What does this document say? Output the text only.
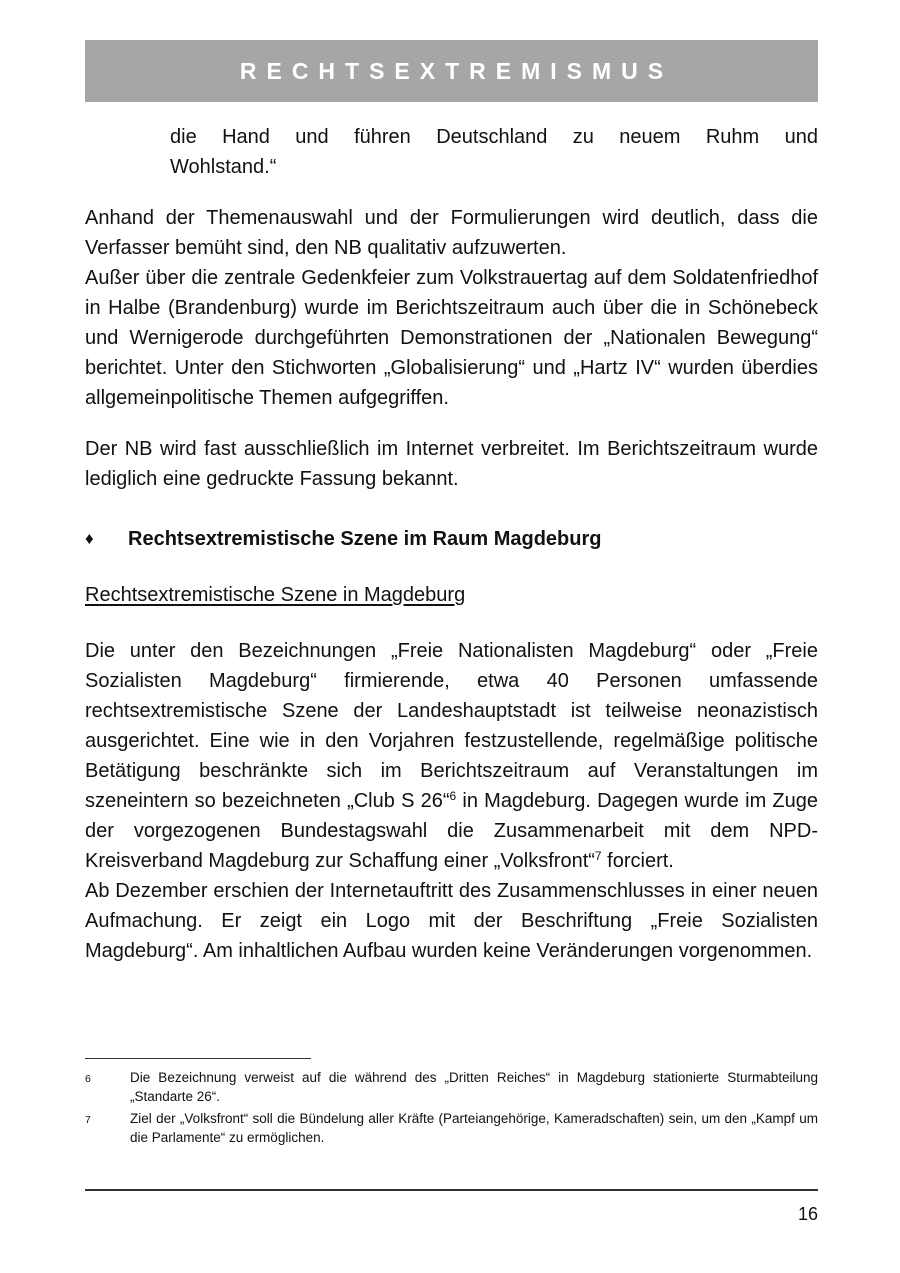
RECHTSEXTREMISMUS
die Hand und führen Deutschland zu neuem Ruhm und
Wohlstand.“

Anhand der Themenauswahl und der Formulierungen wird deutlich, dass die Verfasser bemüht sind, den NB qualitativ aufzuwerten.

Außer über die zentrale Gedenkfeier zum Volkstrauertag auf dem Soldatenfriedhof in Halbe (Brandenburg) wurde im Berichtszeitraum auch über die in Schönebeck und Wernigerode durchgeführten Demonstrationen der „Nationalen Bewegung“ berichtet. Unter den Stichworten „Globalisierung“ und „Hartz IV“ wurden überdies allgemeinpolitische Themen aufgegriffen.

Der NB wird fast ausschließlich im Internet verbreitet. Im Berichtszeitraum wurde lediglich eine gedruckte Fassung bekannt.

♦	Rechtsextremistische Szene im Raum Magdeburg

Rechtsextremistische Szene in Magdeburg

Die unter den Bezeichnungen „Freie Nationalisten Magdeburg“ oder „Freie Sozialisten Magdeburg“ firmierende, etwa 40 Personen umfassende rechtsextremistische Szene der Landeshauptstadt ist teilweise neonazistisch ausgerichtet. Eine wie in den Vorjahren festzustellende, regelmäßige politische Betätigung beschränkte sich im Berichtszeitraum auf Veranstaltungen im szeneintern so bezeichneten „Club S 26“$^6$ in Magdeburg. Dagegen wurde im Zuge der vorgezogenen Bundestagswahl die Zusammenarbeit mit dem NPD-Kreisverband Magdeburg zur Schaffung einer „Volksfront“$^7$ forciert.

Ab Dezember erschien der Internetauftritt des Zusammenschlusses in einer neuen Aufmachung. Er zeigt ein Logo mit der Beschriftung „Freie Sozialisten Magdeburg“. Am inhaltlichen Aufbau wurden keine Veränderungen vorgenommen.

6	Die Bezeichnung verweist auf die während des „Dritten Reiches“ in Magdeburg stationierte Sturmabteilung „Standarte 26“.
7	Ziel der „Volksfront“ soll die Bündelung aller Kräfte (Parteiangehörige, Kameradschaften) sein, um den „Kampf um die Parlamente“ zu ermöglichen.
16
